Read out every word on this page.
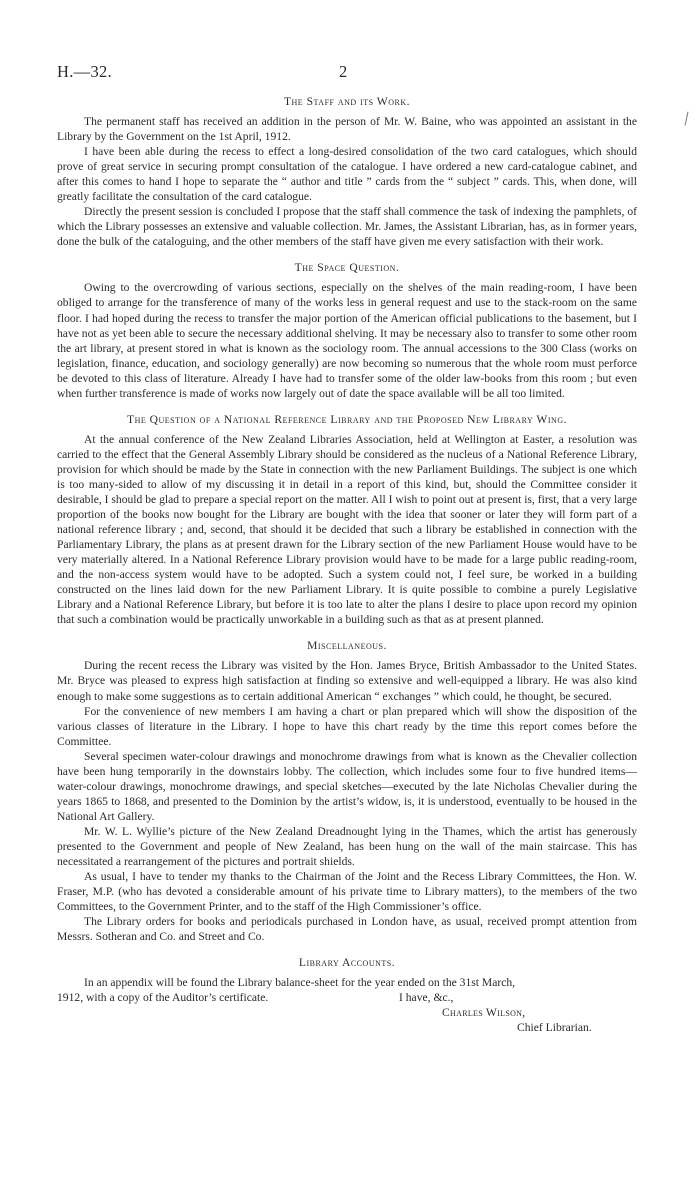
H.—32.	2
The Staff and its Work.

The permanent staff has received an addition in the person of Mr. W. Baine, who was appointed an assistant in the Library by the Government on the 1st April, 1912.

I have been able during the recess to effect a long-desired consolidation of the two card catalogues, which should prove of great service in securing prompt consultation of the catalogue. I have ordered a new card-catalogue cabinet, and after this comes to hand I hope to separate the “ author and title ” cards from the “ subject ” cards. This, when done, will greatly facilitate the consultation of the card catalogue.

Directly the present session is concluded I propose that the staff shall commence the task of indexing the pamphlets, of which the Library possesses an extensive and valuable collection. Mr. James, the Assistant Librarian, has, as in former years, done the bulk of the cataloguing, and the other members of the staff have given me every satisfaction with their work.

The Space Question.

Owing to the overcrowding of various sections, especially on the shelves of the main reading-room, I have been obliged to arrange for the transference of many of the works less in general request and use to the stack-room on the same floor. I had hoped during the recess to transfer the major portion of the American official publications to the basement, but I have not as yet been able to secure the necessary additional shelving. It may be necessary also to transfer to some other room the art library, at present stored in what is known as the sociology room. The annual accessions to the 300 Class (works on legislation, finance, education, and sociology generally) are now becoming so numerous that the whole room must perforce be devoted to this class of literature. Already I have had to transfer some of the older law-books from this room ; but even when further transference is made of works now largely out of date the space available will be all too limited.

The Question of a National Reference Library and the Proposed New Library Wing.

At the annual conference of the New Zealand Libraries Association, held at Wellington at Easter, a resolution was carried to the effect that the General Assembly Library should be considered as the nucleus of a National Reference Library, provision for which should be made by the State in connection with the new Parliament Buildings. The subject is one which is too many-sided to allow of my discussing it in detail in a report of this kind, but, should the Committee consider it desirable, I should be glad to prepare a special report on the matter. All I wish to point out at present is, first, that a very large proportion of the books now bought for the Library are bought with the idea that sooner or later they will form part of a national reference library ; and, second, that should it be decided that such a library be established in connection with the Parliamentary Library, the plans as at present drawn for the Library section of the new Parliament House would have to be very materially altered. In a National Reference Library provision would have to be made for a large public reading-room, and the non-access system would have to be adopted. Such a system could not, I feel sure, be worked in a building constructed on the lines laid down for the new Parliament Library. It is quite possible to combine a purely Legislative Library and a National Reference Library, but before it is too late to alter the plans I desire to place upon record my opinion that such a combination would be practically unworkable in a building such as that as at present planned.

Miscellaneous.

During the recent recess the Library was visited by the Hon. James Bryce, British Ambassador to the United States. Mr. Bryce was pleased to express high satisfaction at finding so extensive and well-equipped a library. He was also kind enough to make some suggestions as to certain additional American “ exchanges ” which could, he thought, be secured.

For the convenience of new members I am having a chart or plan prepared which will show the disposition of the various classes of literature in the Library. I hope to have this chart ready by the time this report comes before the Committee.

Several specimen water-colour drawings and monochrome drawings from what is known as the Chevalier collection have been hung temporarily in the downstairs lobby. The collection, which includes some four to five hundred items—water-colour drawings, monochrome drawings, and special sketches—executed by the late Nicholas Chevalier during the years 1865 to 1868, and presented to the Dominion by the artist’s widow, is, it is understood, eventually to be housed in the National Art Gallery.

Mr. W. L. Wyllie’s picture of the New Zealand Dreadnought lying in the Thames, which the artist has generously presented to the Government and people of New Zealand, has been hung on the wall of the main staircase. This has necessitated a rearrangement of the pictures and portrait shields.

As usual, I have to tender my thanks to the Chairman of the Joint and the Recess Library Committees, the Hon. W. Fraser, M.P. (who has devoted a considerable amount of his private time to Library matters), to the members of the two Committees, to the Government Printer, and to the staff of the High Commissioner’s office.

The Library orders for books and periodicals purchased in London have, as usual, received prompt attention from Messrs. Sotheran and Co. and Street and Co.

Library Accounts.

In an appendix will be found the Library balance-sheet for the year ended on the 31st March,

1912, with a copy of the Auditor’s certificate.	I have, &c.,
Charles Wilson,
Chief Librarian.
